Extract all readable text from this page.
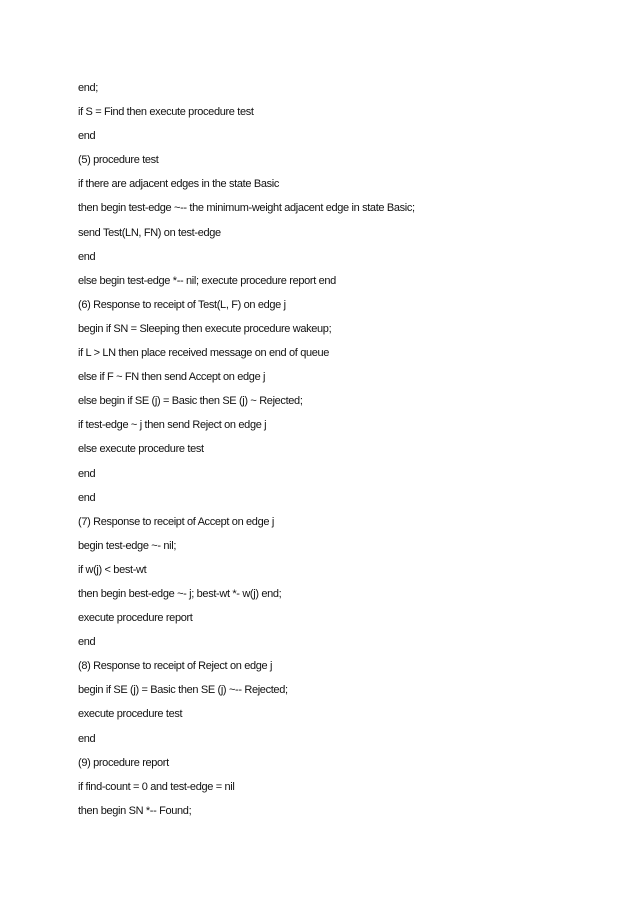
end;
if S = Find then execute procedure test
end
(5) procedure test
if there are adjacent edges in the state Basic
then begin test-edge ~-- the minimum-weight adjacent edge in state Basic;
send Test(LN, FN) on test-edge
end
else begin test-edge *-- nil; execute procedure report end
(6) Response to receipt of Test(L, F) on edge j
begin if SN = Sleeping then execute procedure wakeup;
if L > LN then place received message on end of queue
else if F ~ FN then send Accept on edge j
else begin if SE (j) = Basic then SE (j) ~ Rejected;
if test-edge ~ j then send Reject on edge j
else execute procedure test
end
end
(7) Response to receipt of Accept on edge j
begin test-edge ~- nil;
if w(j) < best-wt
then begin best-edge ~- j; best-wt *- w(j) end;
execute procedure report
end
(8) Response to receipt of Reject on edge j
begin if SE (j) = Basic then SE (j) ~-- Rejected;
execute procedure test
end
(9) procedure report
if find-count = 0 and test-edge = nil
then begin SN *-- Found;
